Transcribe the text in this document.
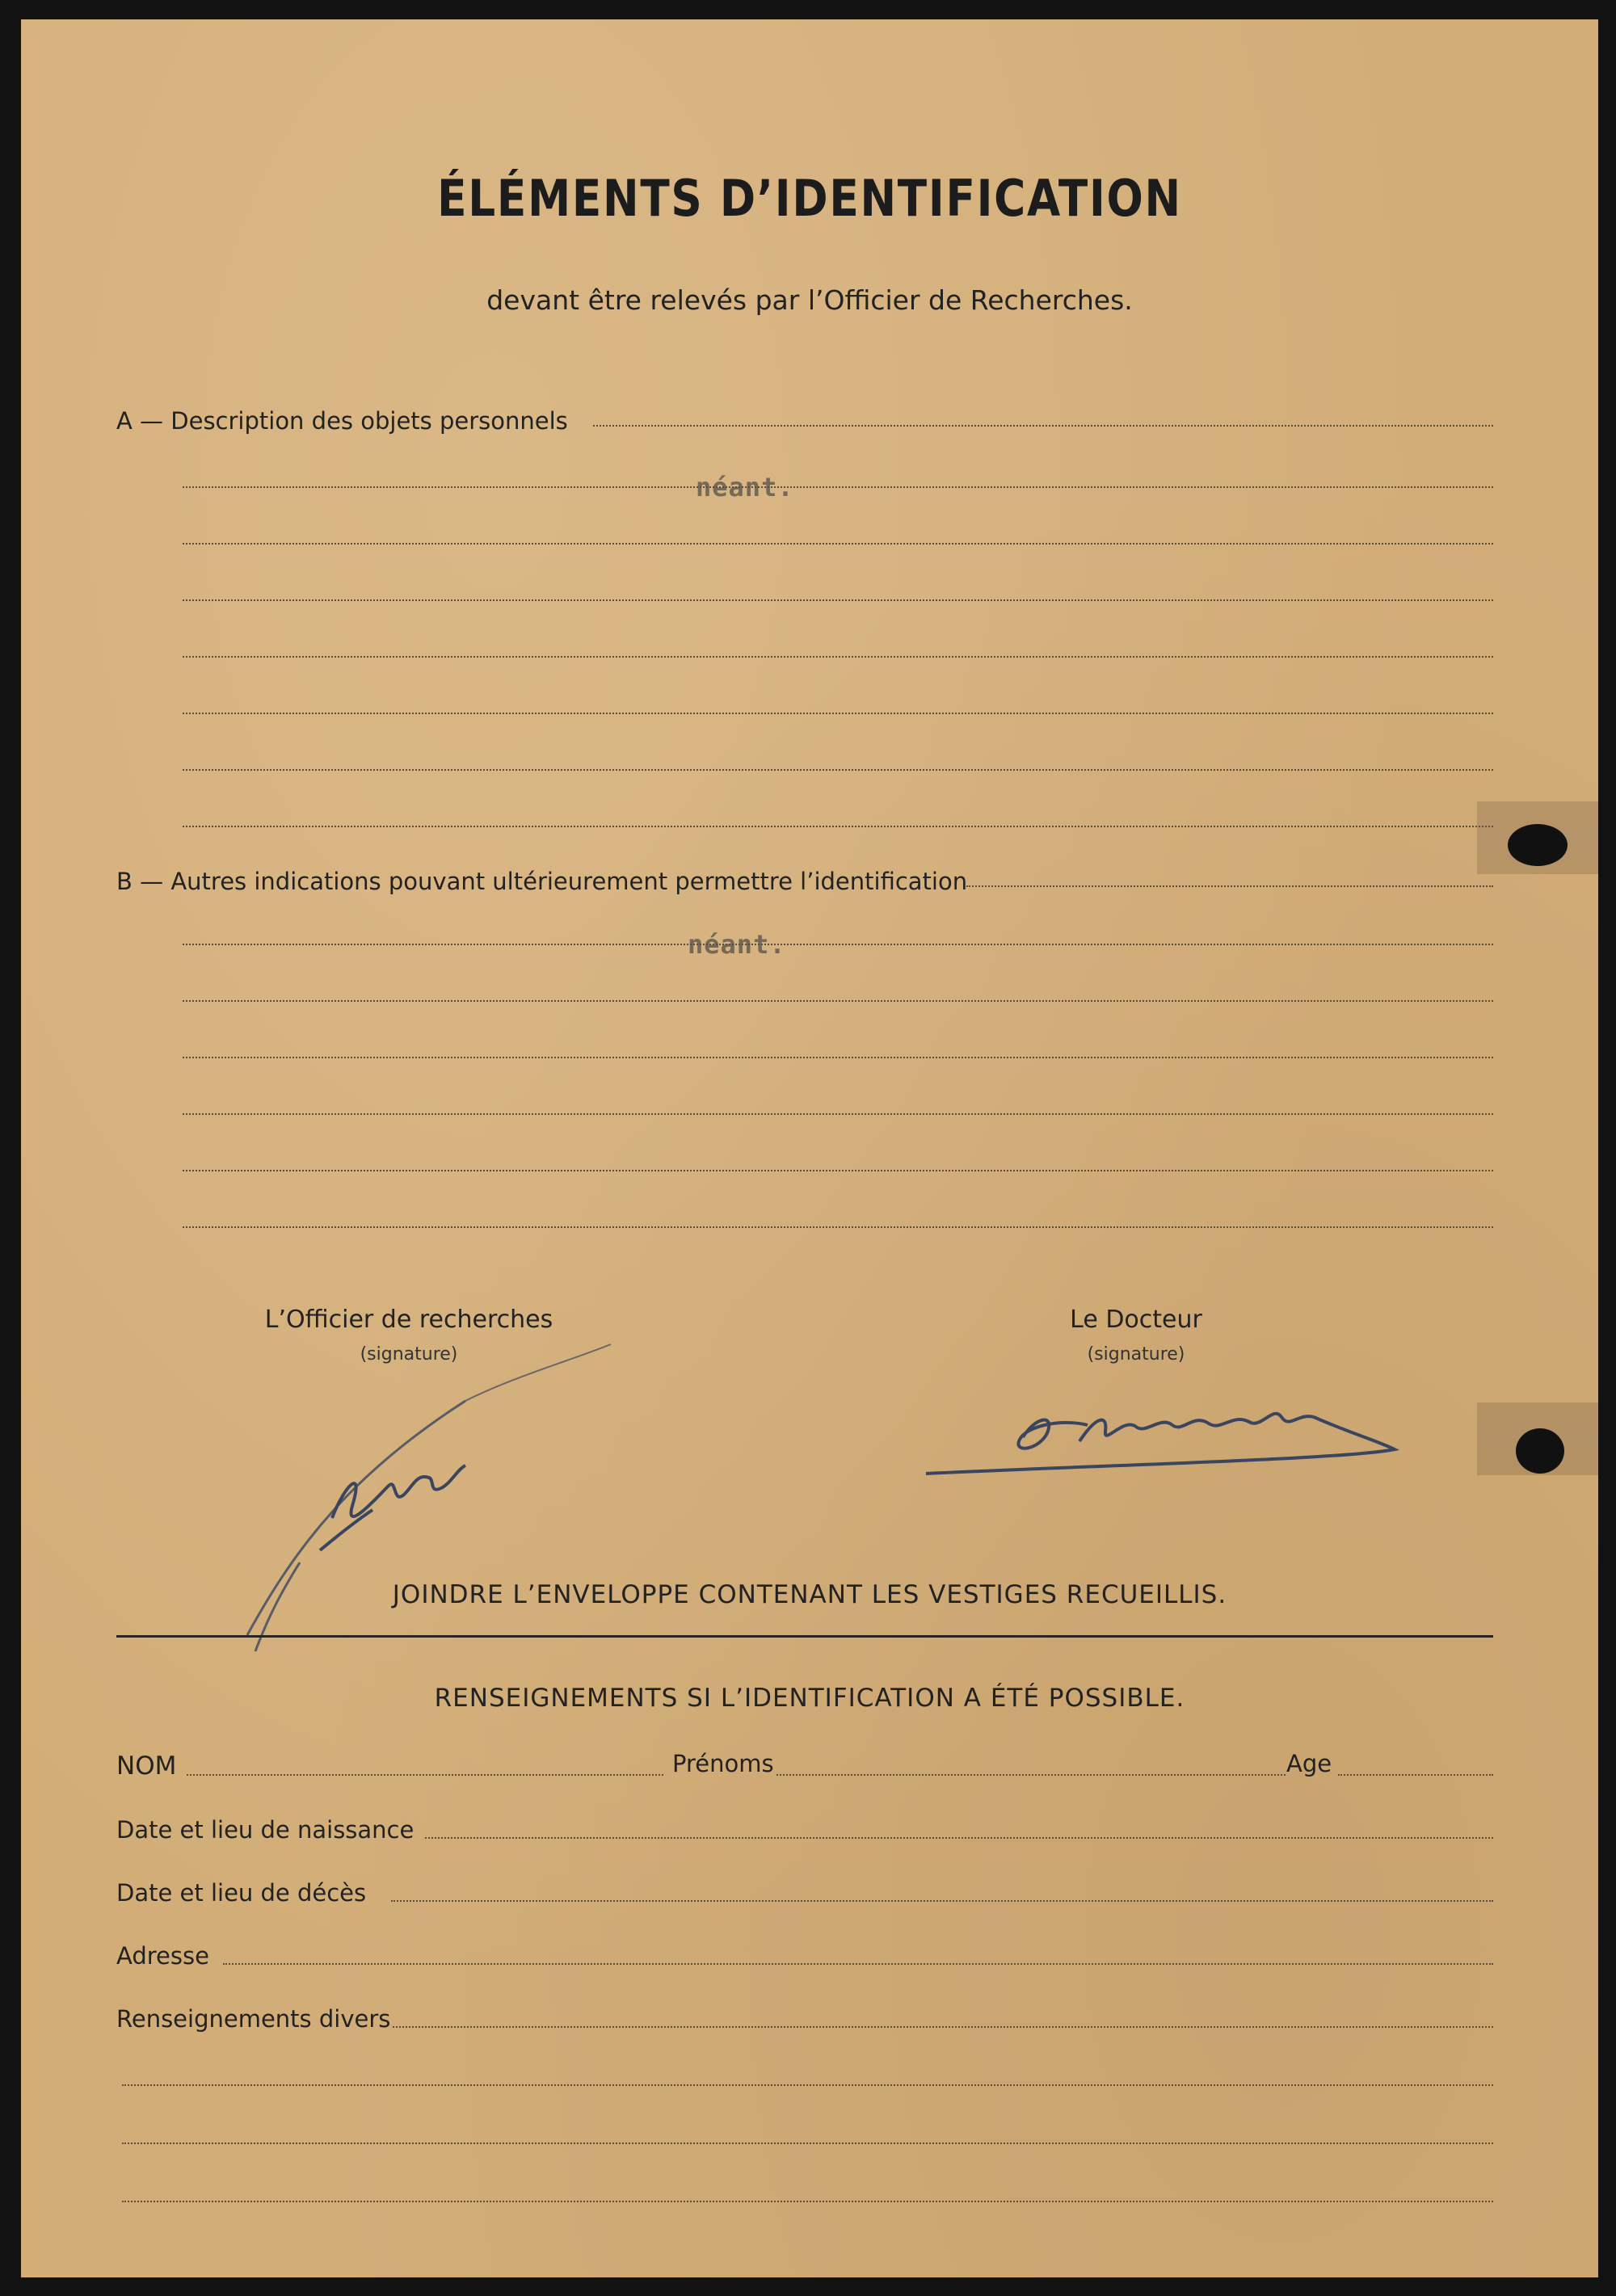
ÉLÉMENTS D’IDENTIFICATION
devant être relevés par l’Officier de Recherches.
A — Description des objets personnels
néant.
B — Autres indications pouvant ultérieurement permettre l’identification
néant.
L’Officier de recherches
(signature)
Le Docteur
(signature)
JOINDRE L’ENVELOPPE CONTENANT LES VESTIGES RECUEILLIS.
RENSEIGNEMENTS SI L’IDENTIFICATION A ÉTÉ POSSIBLE.
NOM	Prénoms	Age
Date et lieu de naissance
Date et lieu de décès
Adresse
Renseignements divers
